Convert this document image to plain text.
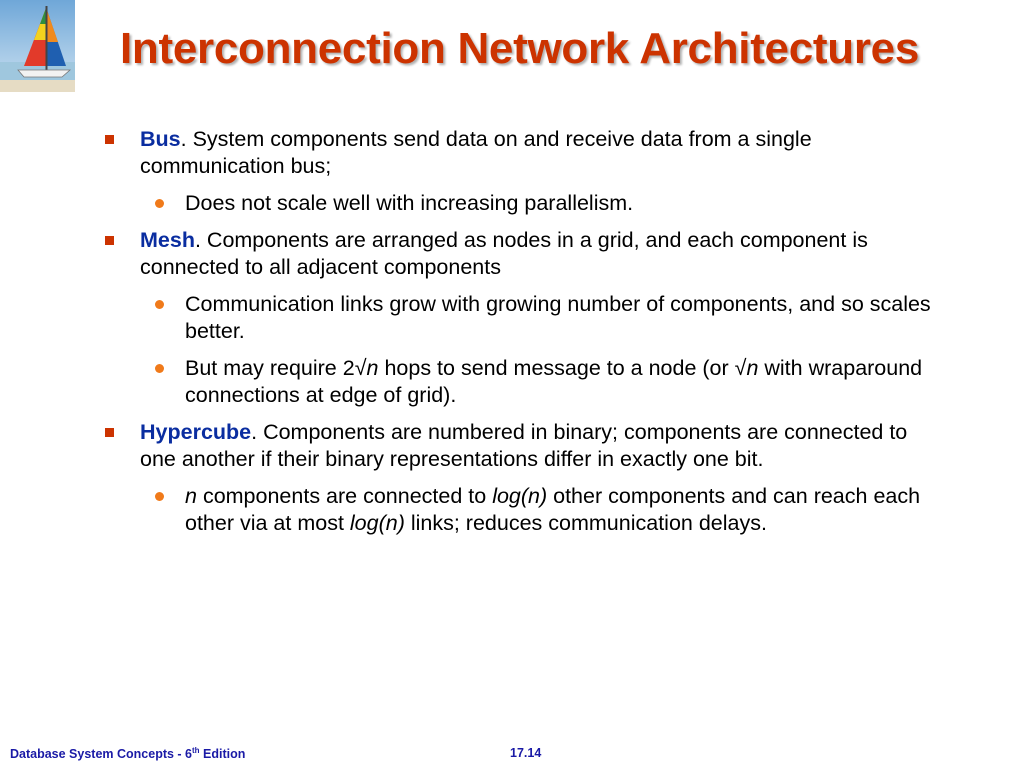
Interconnection Network Architectures
Bus. System components send data on and receive data from a single communication bus;
Does not scale well with increasing parallelism.
Mesh. Components are arranged as nodes in a grid, and each component is connected to all adjacent components
Communication links grow with growing number of components, and so scales better.
But may require 2√n hops to send message to a node (or √n with wraparound connections at edge of grid).
Hypercube. Components are numbered in binary; components are connected to one another if their binary representations differ in exactly one bit.
n components are connected to log(n) other components and can reach each other via at most log(n) links; reduces communication delays.
Database System Concepts - 6th Edition	17.14
